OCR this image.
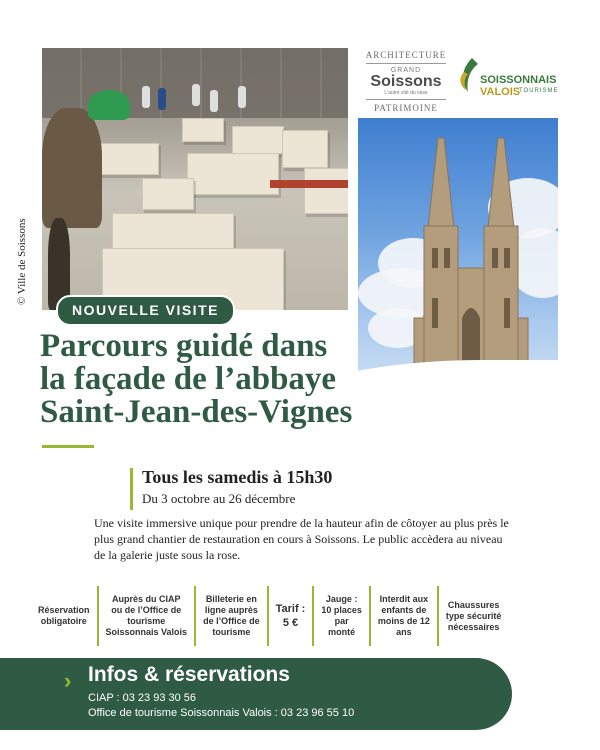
© Ville de Soissons
ARCHITECTURE
GRAND
Soissons
L'autre cité du vase
PATRIMOINE
SOISSONNAIS
VALOIS
TOURISME
NOUVELLE VISITE
Parcours guidé dans
la façade de l’abbaye
Saint-Jean-des-Vignes
Tous les samedis à 15h30
Du 3 octobre au 26 décembre
Une visite immersive unique pour prendre de la hauteur afin de côtoyer au plus près le plus grand chantier de restauration en cours à Soissons. Le public accèdera au niveau de la galerie juste sous la rose.
Réservation
obligatoire
Auprès du CIAP
ou de l’Office de
tourisme
Soissonnais Valois
Billeterie en
ligne auprès
de l’Office de
tourisme
Tarif :
5 €
Jauge :
10 places
par
monté
Interdit aux
enfants de
moins de 12
ans
Chaussures
type sécurité
nécessaires
› Infos & réservations
CIAP : 03 23 93 30 56
Office de tourisme Soissonnais Valois : 03 23 96 55 10
